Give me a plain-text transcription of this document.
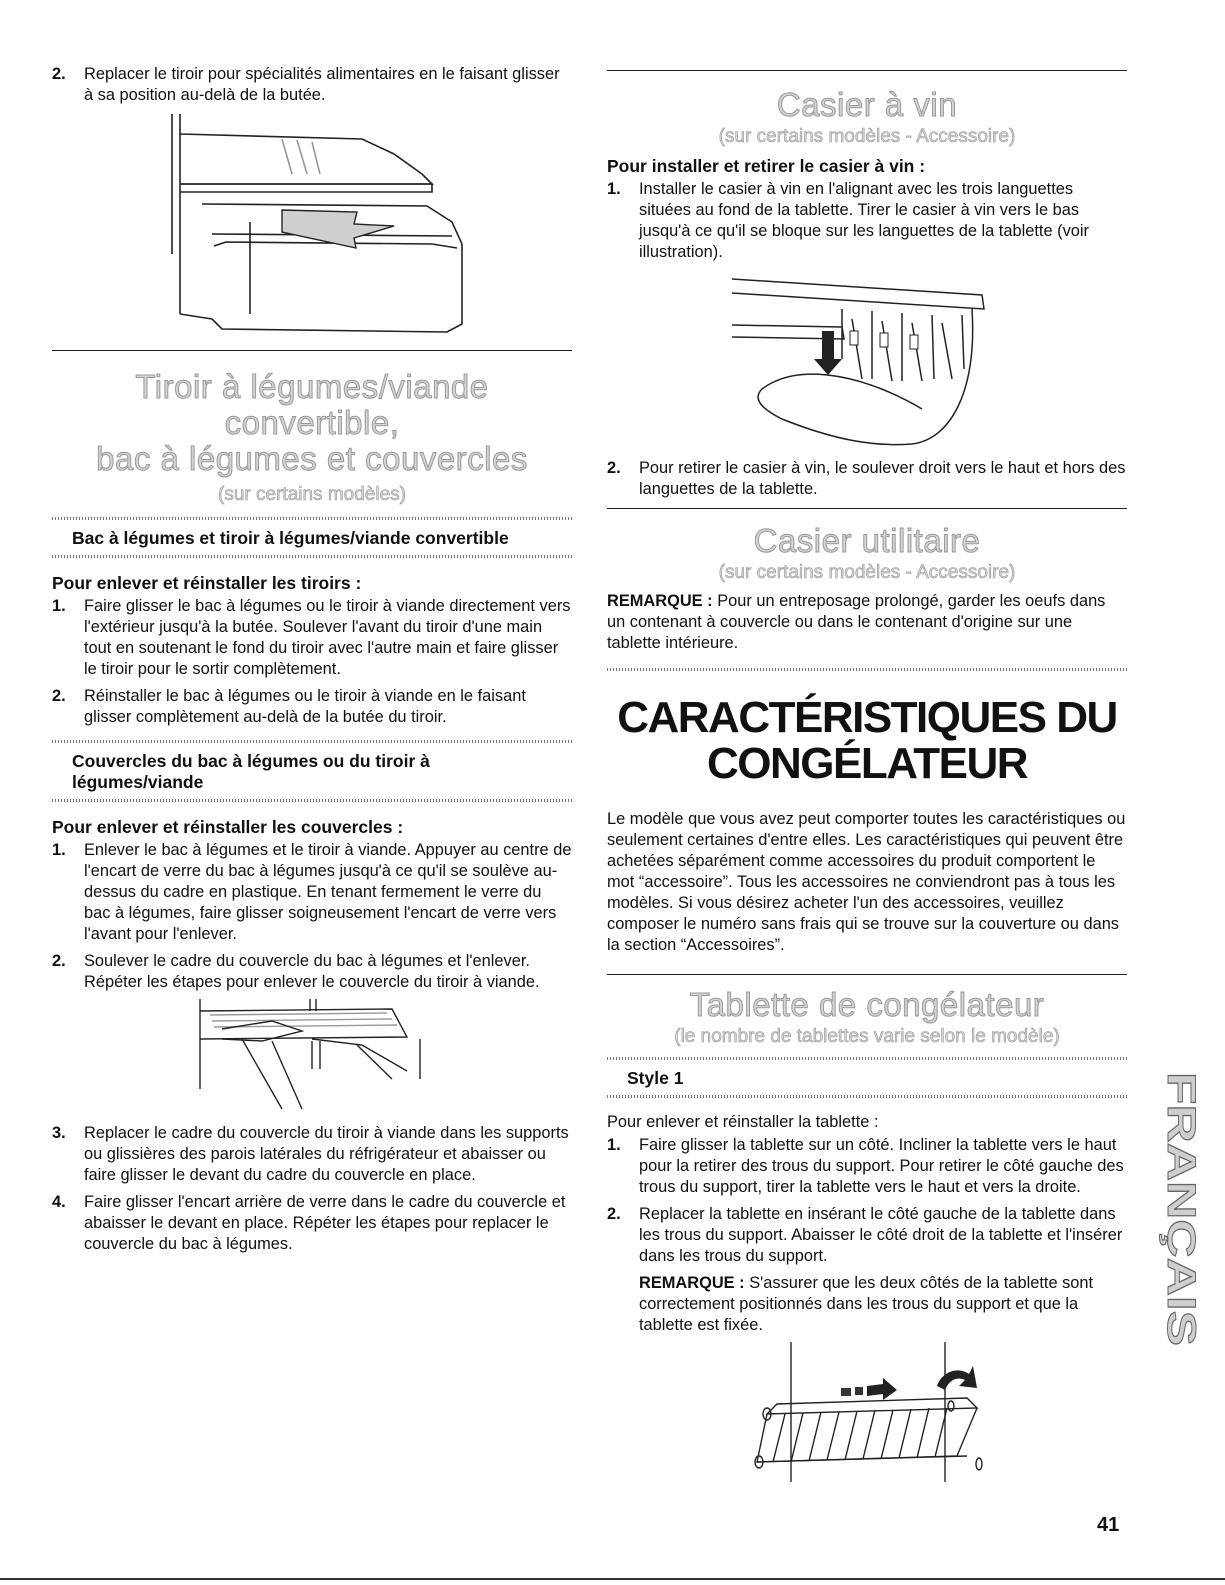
2. Replacer le tiroir pour spécialités alimentaires en le faisant glisser à sa position au-delà de la butée.
Tiroir à légumes/viande convertible,
bac à légumes et couvercles
(sur certains modèles)
Bac à légumes et tiroir à légumes/viande convertible
Pour enlever et réinstaller les tiroirs :
1. Faire glisser le bac à légumes ou le tiroir à viande directement vers l'extérieur jusqu'à la butée. Soulever l'avant du tiroir d'une main tout en soutenant le fond du tiroir avec l'autre main et faire glisser le tiroir pour le sortir complètement.
2. Réinstaller le bac à légumes ou le tiroir à viande en le faisant glisser complètement au-delà de la butée du tiroir.
Couvercles du bac à légumes ou du tiroir à légumes/viande
Pour enlever et réinstaller les couvercles :
1. Enlever le bac à légumes et le tiroir à viande. Appuyer au centre de l'encart de verre du bac à légumes jusqu'à ce qu'il se soulève au-dessus du cadre en plastique. En tenant fermement le verre du bac à légumes, faire glisser soigneusement l'encart de verre vers l'avant pour l'enlever.
2. Soulever le cadre du couvercle du bac à légumes et l'enlever. Répéter les étapes pour enlever le couvercle du tiroir à viande.
3. Replacer le cadre du couvercle du tiroir à viande dans les supports ou glissières des parois latérales du réfrigérateur et abaisser ou faire glisser le devant du cadre du couvercle en place.
4. Faire glisser l'encart arrière de verre dans le cadre du couvercle et abaisser le devant en place. Répéter les étapes pour replacer le couvercle du bac à légumes.
Casier à vin
(sur certains modèles - Accessoire)
Pour installer et retirer le casier à vin :
1. Installer le casier à vin en l'alignant avec les trois languettes situées au fond de la tablette. Tirer le casier à vin vers le bas jusqu'à ce qu'il se bloque sur les languettes de la tablette (voir illustration).
2. Pour retirer le casier à vin, le soulever droit vers le haut et hors des languettes de la tablette.
Casier utilitaire
(sur certains modèles - Accessoire)

REMARQUE : Pour un entreposage prolongé, garder les oeufs dans un contenant à couvercle ou dans le contenant d'origine sur une tablette intérieure.

CARACTÉRISTIQUES DU
CONGÉLATEUR

Le modèle que vous avez peut comporter toutes les caractéristiques ou seulement certaines d'entre elles. Les caractéristiques qui peuvent être achetées séparément comme accessoires du produit comportent le mot “accessoire”. Tous les accessoires ne conviendront pas à tous les modèles. Si vous désirez acheter l'un des accessoires, veuillez composer le numéro sans frais qui se trouve sur la couverture ou dans la section “Accessoires”.

Tablette de congélateur
(le nombre de tablettes varie selon le modèle)
Style 1

Pour enlever et réinstaller la tablette :

1. Faire glisser la tablette sur un côté. Incliner la tablette vers le haut pour la retirer des trous du support. Pour retirer le côté gauche des trous du support, tirer la tablette vers le haut et vers la droite.
2. Replacer la tablette en insérant le côté gauche de la tablette dans les trous du support. Abaisser le côté droit de la tablette et l'insérer dans les trous du support.
REMARQUE : S'assurer que les deux côtés de la tablette sont correctement positionnés dans les trous du support et que la tablette est fixée.
FRANÇAIS
41
